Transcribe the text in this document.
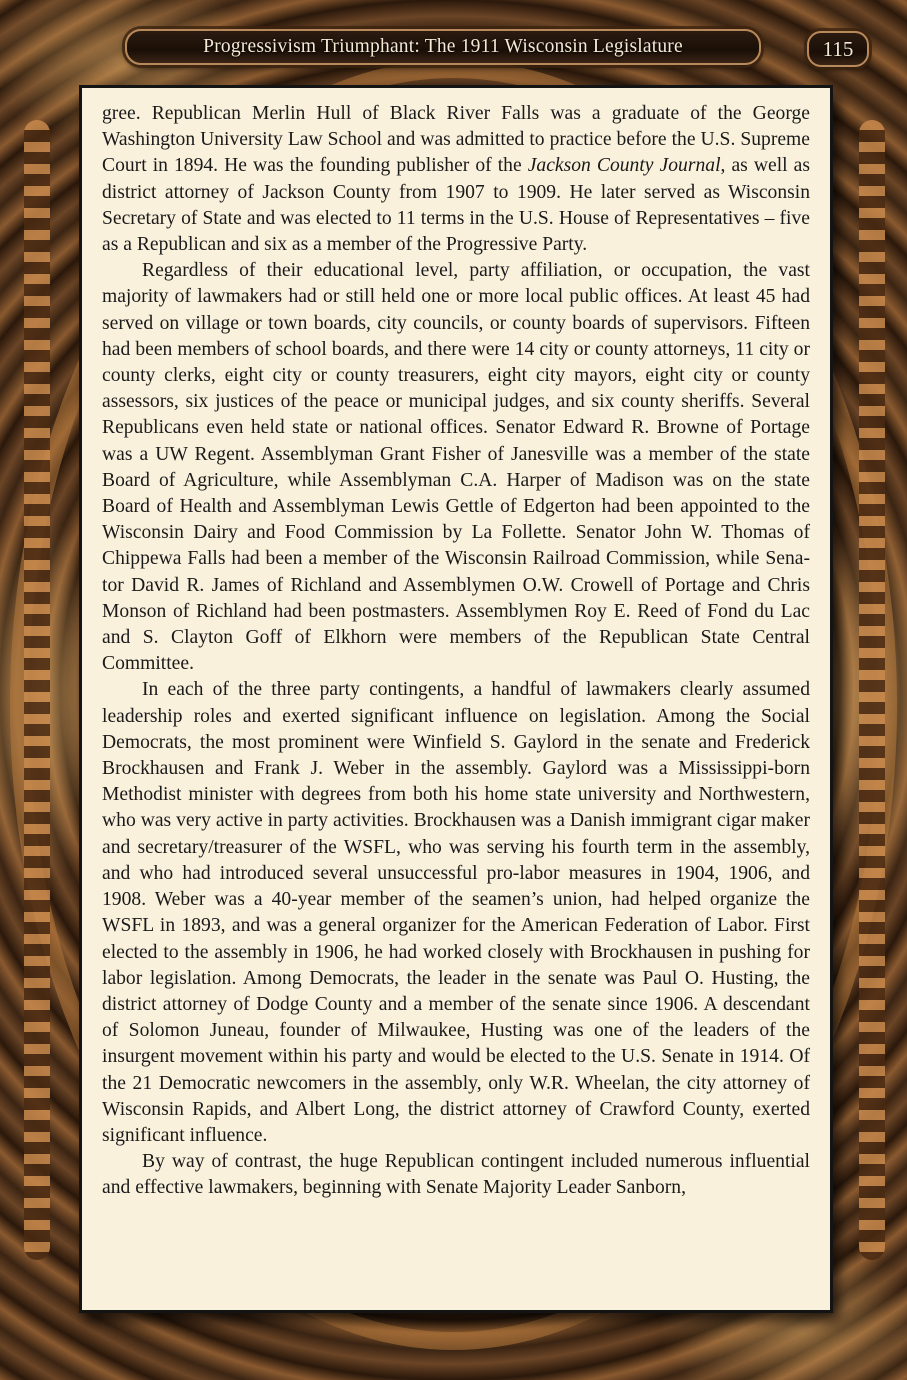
Progressivism Triumphant: The 1911 Wisconsin Legislature	115

gree. Republican Merlin Hull of Black River Falls was a graduate of the George Washington University Law School and was admitted to practice before the U.S. Supreme Court in 1894. He was the founding publisher of the Jackson County Journal, as well as district attorney of Jackson County from 1907 to 1909. He later served as Wisconsin Secretary of State and was elected to 11 terms in the U.S. House of Representatives – five as a Republican and six as a member of the Progressive Party.

Regardless of their educational level, party affiliation, or occupation, the vast majority of lawmakers had or still held one or more local public offices. At least 45 had served on village or town boards, city councils, or county boards of supervisors. Fifteen had been members of school boards, and there were 14 city or county attorneys, 11 city or county clerks, eight city or county treasurers, eight city mayors, eight city or county assessors, six justices of the peace or municipal judges, and six county sheriffs. Several Republicans even held state or national offices. Senator Edward R. Browne of Portage was a UW Regent. Assemblyman Grant Fisher of Janesville was a member of the state Board of Agriculture, while Assemblyman C.A. Harper of Madison was on the state Board of Health and Assemblyman Lewis Gettle of Edgerton had been appointed to the Wisconsin Dairy and Food Commission by La Follette. Senator John W. Thomas of Chippewa Falls had been a member of the Wisconsin Railroad Commission, while Senator David R. James of Richland and Assemblymen O.W. Crowell of Portage and Chris Monson of Richland had been postmasters. Assemblymen Roy E. Reed of Fond du Lac and S. Clayton Goff of Elkhorn were members of the Republican State Central Committee.

In each of the three party contingents, a handful of lawmakers clearly assumed leadership roles and exerted significant influence on legislation. Among the Social Democrats, the most prominent were Winfield S. Gaylord in the senate and Frederick Brockhausen and Frank J. Weber in the assembly. Gaylord was a Mississippi-born Methodist minister with degrees from both his home state university and Northwestern, who was very active in party activities. Brockhausen was a Danish immigrant cigar maker and secretary/treasurer of the WSFL, who was serving his fourth term in the assembly, and who had introduced several unsuccessful pro-labor measures in 1904, 1906, and 1908. Weber was a 40-year member of the seamen’s union, had helped organize the WSFL in 1893, and was a general organizer for the American Federation of Labor. First elected to the assembly in 1906, he had worked closely with Brockhausen in pushing for labor legislation. Among Democrats, the leader in the senate was Paul O. Husting, the district attorney of Dodge County and a member of the senate since 1906. A descendant of Solomon Juneau, founder of Milwaukee, Husting was one of the leaders of the insurgent movement within his party and would be elected to the U.S. Senate in 1914. Of the 21 Democratic newcomers in the assembly, only W.R. Wheelan, the city attorney of Wisconsin Rapids, and Albert Long, the district attorney of Crawford County, exerted significant influence.

By way of contrast, the huge Republican contingent included numerous influential and effective lawmakers, beginning with Senate Majority Leader Sanborn,
